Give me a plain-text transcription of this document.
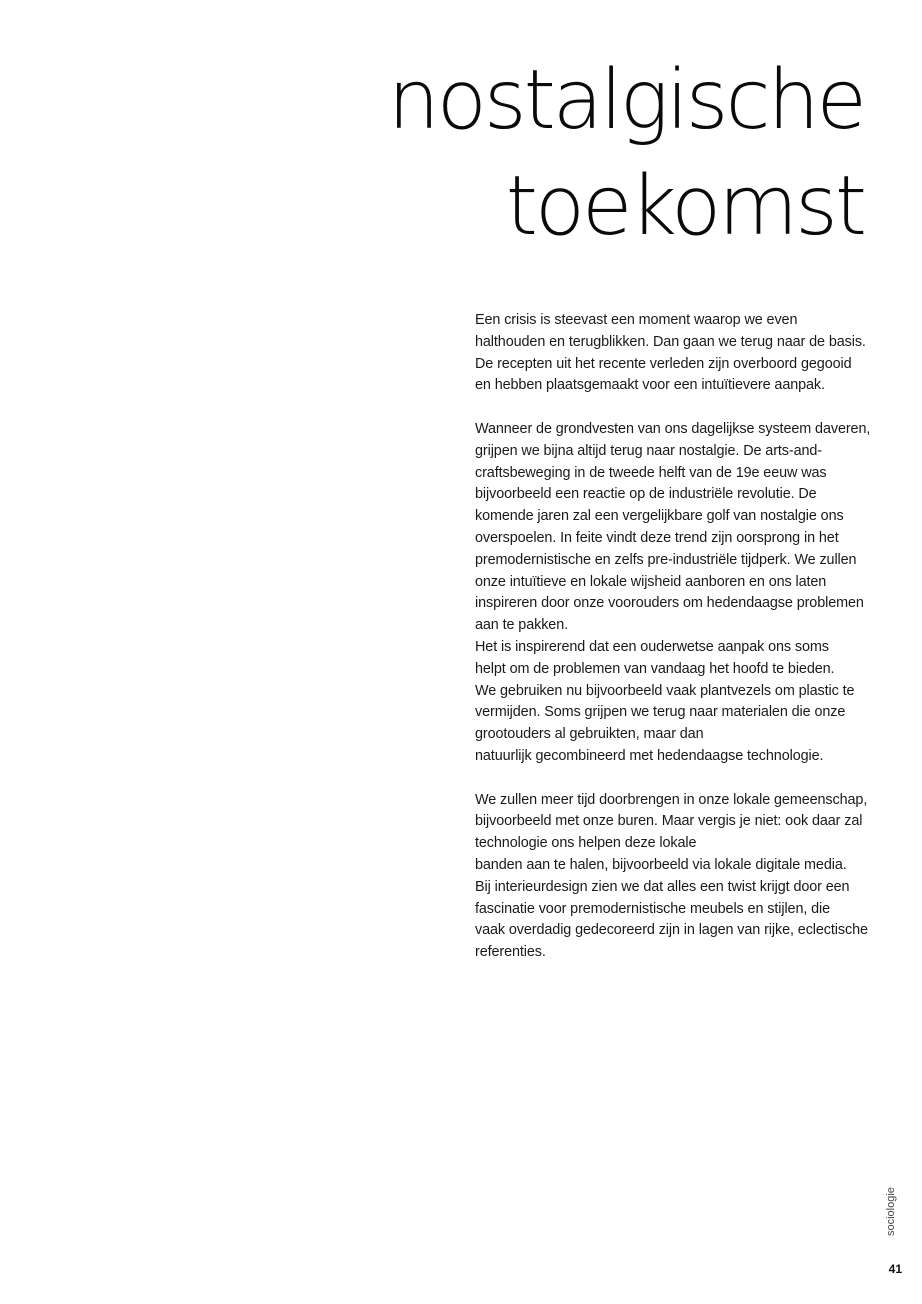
nostalgische
toekomst

Een crisis is steevast een moment waarop we even
halthouden en terugblikken. Dan gaan we terug naar de basis.
De recepten uit het recente verleden zijn overboord gegooid
en hebben plaatsgemaakt voor een intuïtievere aanpak.

Wanneer de grondvesten van ons dagelijkse systeem daveren,
grijpen we bijna altijd terug naar nostalgie. De arts-and-
craftsbeweging in de tweede helft van de 19e eeuw was
bijvoorbeeld een reactie op de industriële revolutie. De
komende jaren zal een vergelijkbare golf van nostalgie ons
overspoelen. In feite vindt deze trend zijn oorsprong in het
premodernistische en zelfs pre-industriële tijdperk. We zullen
onze intuïtieve en lokale wijsheid aanboren en ons laten
inspireren door onze voorouders om hedendaagse problemen
aan te pakken.

Het is inspirerend dat een ouderwetse aanpak ons soms
helpt om de problemen van vandaag het hoofd te bieden.
We gebruiken nu bijvoorbeeld vaak plantvezels om plastic te
vermijden. Soms grijpen we terug naar materialen die onze
grootouders al gebruikten, maar dan
natuurlijk gecombineerd met hedendaagse technologie.

We zullen meer tijd doorbrengen in onze lokale gemeenschap,
bijvoorbeeld met onze buren. Maar vergis je niet: ook daar zal
technologie ons helpen deze lokale
banden aan te halen, bijvoorbeeld via lokale digitale media.
Bij interieurdesign zien we dat alles een twist krijgt door een
fascinatie voor premodernistische meubels en stijlen, die
vaak overdadig gedecoreerd zijn in lagen van rijke, eclectische
referenties.

sociologie
41
